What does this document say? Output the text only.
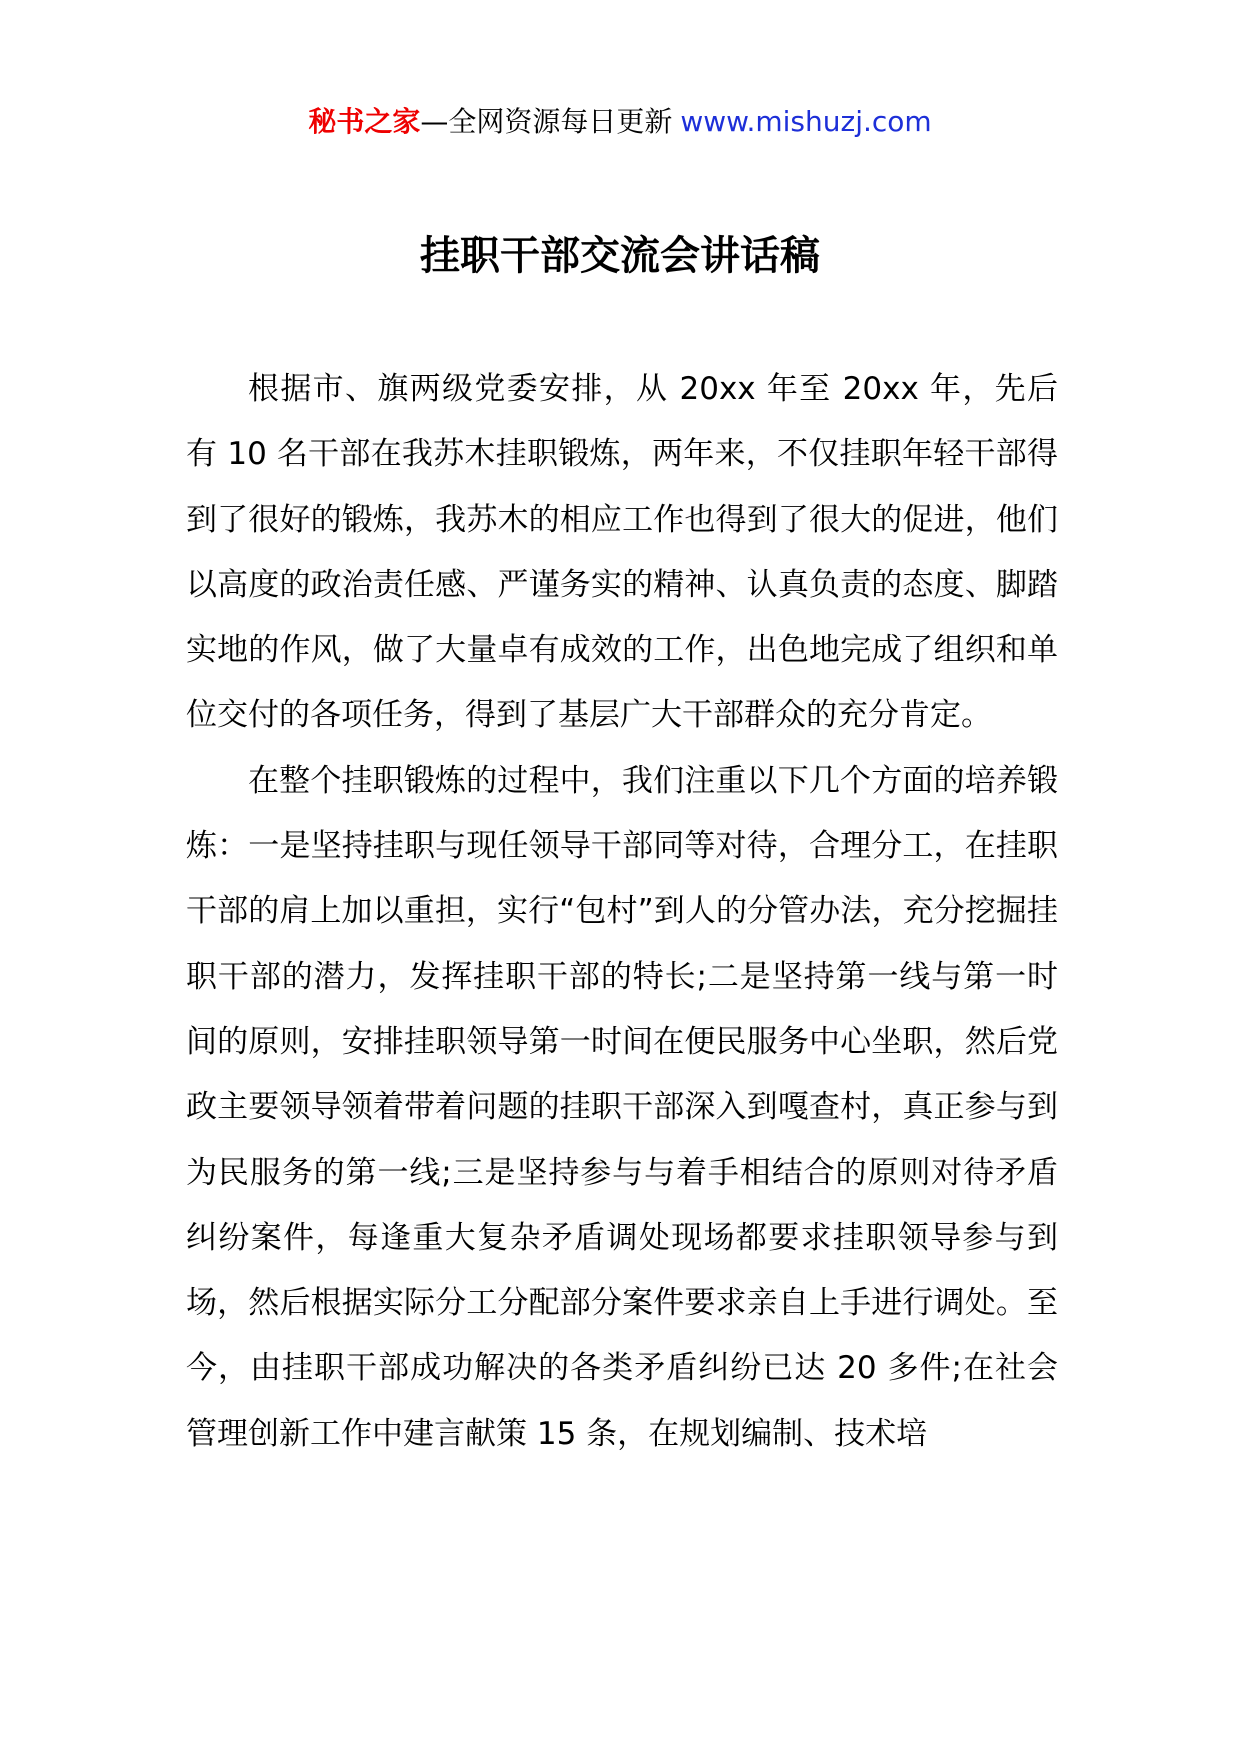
秘书之家—全网资源每日更新 www.mishuzj.com
挂职干部交流会讲话稿

根据市、旗两级党委安排，从 20xx 年至 20xx 年，先后有 10 名干部在我苏木挂职锻炼，两年来，不仅挂职年轻干部得到了很好的锻炼，我苏木的相应工作也得到了很大的促进，他们以高度的政治责任感、严谨务实的精神、认真负责的态度、脚踏实地的作风，做了大量卓有成效的工作，出色地完成了组织和单位交付的各项任务，得到了基层广大干部群众的充分肯定。

在整个挂职锻炼的过程中，我们注重以下几个方面的培养锻炼：一是坚持挂职与现任领导干部同等对待，合理分工，在挂职干部的肩上加以重担，实行“包村”到人的分管办法，充分挖掘挂职干部的潜力，发挥挂职干部的特长;二是坚持第一线与第一时间的原则，安排挂职领导第一时间在便民服务中心坐职，然后党政主要领导领着带着问题的挂职干部深入到嘎查村，真正参与到为民服务的第一线;三是坚持参与与着手相结合的原则对待矛盾纠纷案件，每逢重大复杂矛盾调处现场都要求挂职领导参与到场，然后根据实际分工分配部分案件要求亲自上手进行调处。至今，由挂职干部成功解决的各类矛盾纠纷已达 20 多件;在社会管理创新工作中建言献策 15 条，在规划编制、技术培
